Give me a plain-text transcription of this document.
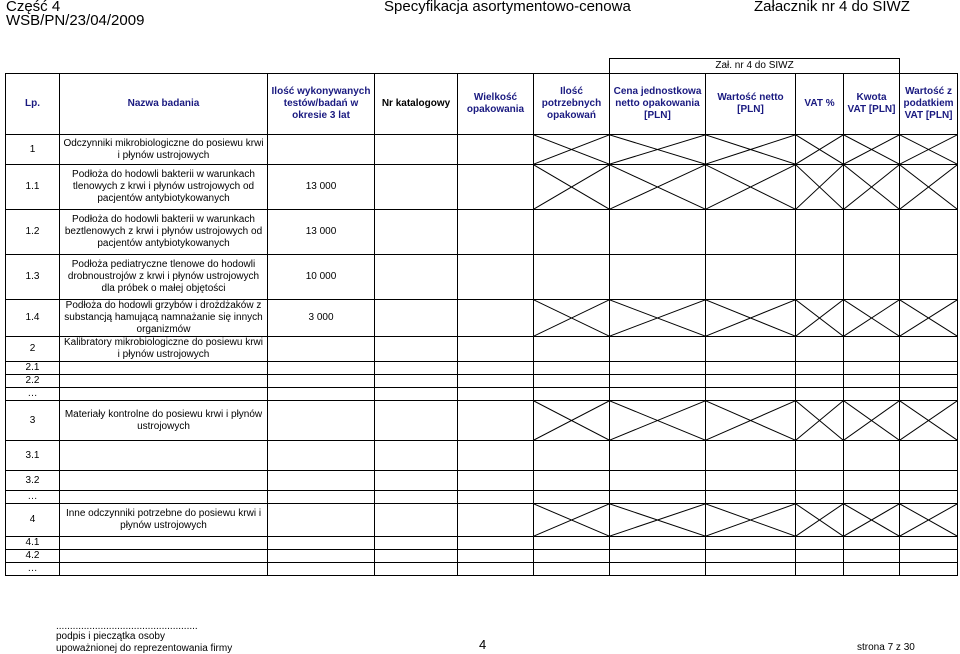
Część 4
WSB/PN/23/04/2009
Specyfikacja asortymentowo-cenowa	Załacznik nr 4 do SIWZ
						Zał. nr 4 do SIWZ				
Lp.	Nazwa badania	Ilość wykonywanych testów/badań w okresie 3 lat	Nr katalogowy	Wielkość opakowania	Ilość potrzebnych opakowań	Cena jednostkowa netto opakowania [PLN]	Wartość netto [PLN]	VAT %	Kwota VAT [PLN]	Wartość z podatkiem VAT [PLN]
1	Odczynniki mikrobiologiczne do posiewu krwi i płynów ustrojowych				

1.1	Podłoża do hodowli bakterii w warunkach tlenowych z krwi i płynów ustrojowych od pacjentów antybiotykowanych	13 000			

1.2	Podłoża do hodowli bakterii w warunkach beztlenowych z krwi i płynów ustrojowych od pacjentów antybiotykowanych	13 000								
1.3	Podłoża pediatryczne tlenowe do hodowli drobnoustrojów z krwi i płynów ustrojowych dla próbek o małej objętości	10 000								
1.4	Podłoża do hodowli grzybów i drożdżaków z substancją hamującą namnażanie się innych organizmów	3 000			

2	Kalibratory mikrobiologiczne do posiewu krwi i płynów ustrojowych									
2.1										
2.2										
…										
3	Materiały kontrolne do posiewu krwi i płynów ustrojowych				

3.1										
3.2										
…										
4	Inne odczynniki potrzebne do posiewu krwi i płynów ustrojowych				

4.1										
4.2										
…										
...................................................
podpis i pieczątka osoby
upoważnionej do reprezentowania firmy	4	strona 7 z 30
